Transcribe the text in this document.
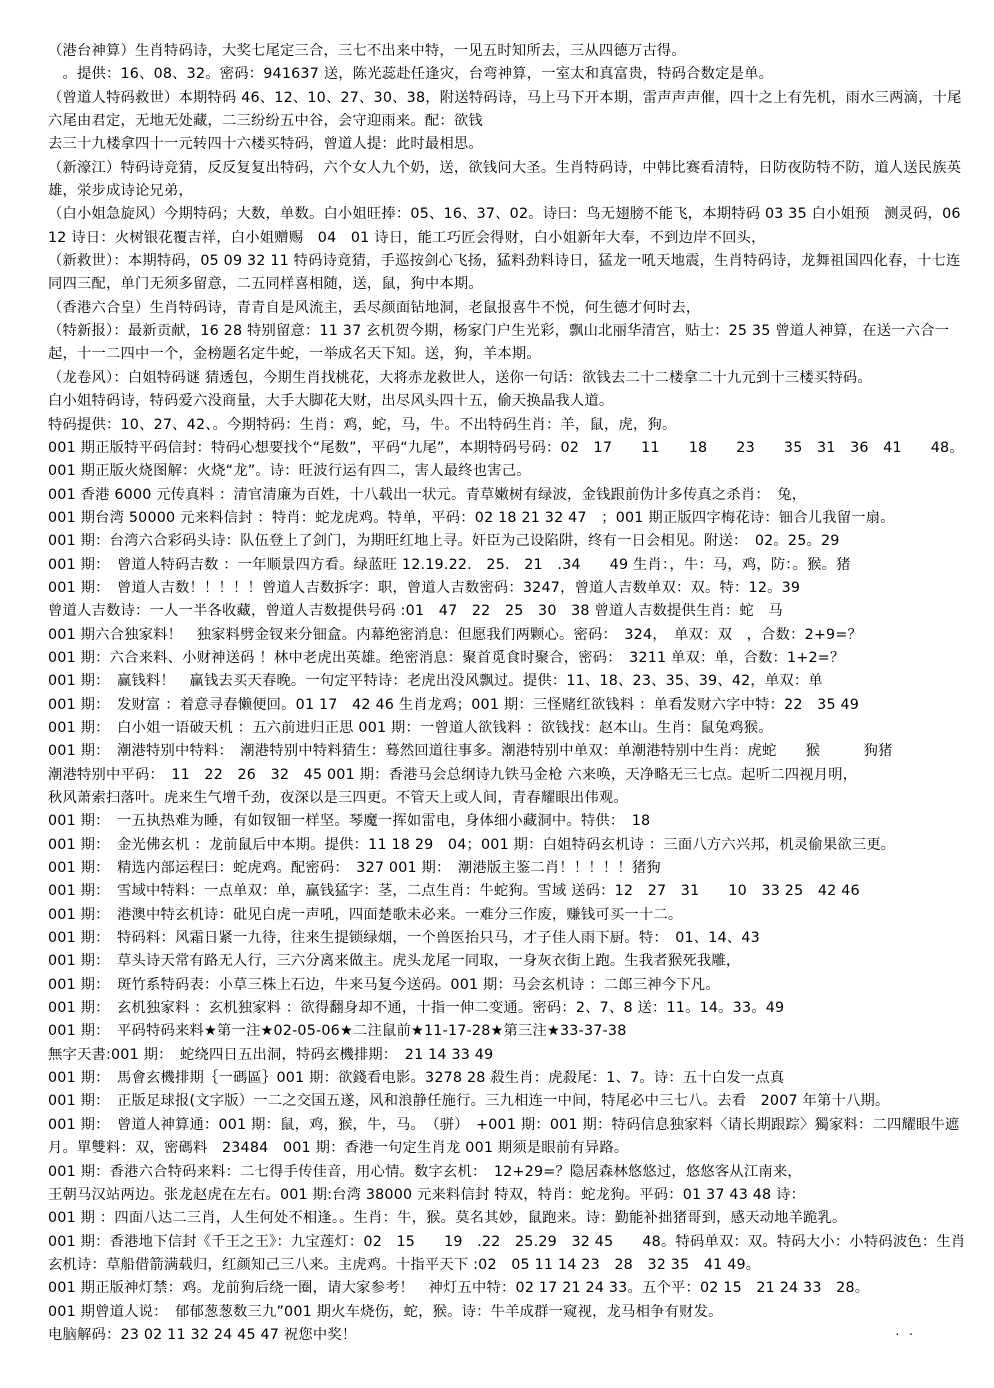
（港台神算）生肖特码诗，大奖七尾定三合，三七不出来中特，一见五时知所去，三从四德万古得。
　。提供：16、08、32。密码：941637 送，陈光蕊赴任逢灾，台弯神算，一室太和真富贵，特码合数定是单。
（曾道人特码救世）本期特码 46、12、10、27、30、38，附送特码诗，马上马下开本期，雷声声声催，四十之上有先机，雨水三两滴，十尾六尾由君定，无地无处藏，二三纷纷五中谷，会守迎雨来。配：欲钱
去三十九楼拿四十一元转四十六楼买特码，曾道人提：此时最相思。
（新濠江）特码诗竞猜，反反复复出特码，六个女人九个奶，送，欲钱问大圣。生肖特码诗，中韩比赛看清特，日防夜防特不防，道人送民族英雄，泶步成诗论兄弟，
（白小姐急旋风）今期特码；大数，单数。白小姐旺捧：05、16、37、02。诗曰：鸟无翅膀不能飞，本期特码 03 35 白小姐预　测灵码，06 12 诗日：火树银花覆吉祥，白小姐赠赐　04　01 诗日，能工巧匠会得财，白小姐新年大奉，不到边岸不回头，
（新救世）：本期特码，05 09 32 11 特码诗竟猜，手巡按剑心飞扬，猛料劲料诗日，猛龙一吼天地震，生肖特码诗，龙舞祖国四化春，十七连同四三配，单门无须多留意，二五同样喜相随，送，鼠，狗中本期。
（香港六合皇）生肖特码诗，青青自是风流主，丢尽颜面钻地洞，老鼠报喜牛不悦，何生德才何时去，
（特新报）：最新贡献，16 28 特别留意：11 37 玄机贺今期，杨家门户生光彩，飘山北丽华清宫，贴士：25 35 曾道人神算，在送一六合一起，十一二四中一个，金榜题名定牛蛇，一举成名天下知。送，狗，羊本期。
（龙卷风）：白姐特码谜 猜透包，今期生肖找桃花，大将赤龙救世人，送你一句话：欲钱去二十二楼拿二十九元到十三楼买特码。
白小姐特码诗，特码爱六没商量，大手大脚花大财，出尽风头四十五，偷天换晶我人道。
特码提供：10、27、42、。今期特码：生肖：鸡，蛇，马，牛。不出特码生肖：羊，鼠，虎，狗。
001 期正版特平码信封：特码心想要找个“尾数”，平码“九尾”，本期特码号码：02　17　　11　　18　　23　　35　31　36　41　　48。
001 期正版火烧图解：火烧“龙”。诗：旺波行运有四二，害人最终也害己。
001 香港 6000 元传真料 ：清官清廉为百姓，十八载出一状元。青草嫩树有绿波，金钱跟前伪计多传真之杀肖：　兔，
001 期台湾 50000 元来料信封 ：特肖：蛇龙虎鸡。特单，平码：02 18 21 32 47　；001 期正版四字梅花诗：钿合儿我留一扇。
001 期：台湾六合彩码头诗：队伍登上了剑门，为期旺红地上寻。奸臣为己设陷阱，终有一日会相见。附送：　02。25。29
001 期：　曾道人特码吉数 ：一年顺景四方看。绿蓝旺 12.19.22.　25.　21　.34　　49 生肖：，牛：马，鸡，防：。猴。猪
001 期：　曾道人吉数！！！！！曾道人吉数拆字：职，曾道人吉数密码：3247，曾道人吉数单双：双。特：12。39
曾道人吉数诗：一人一半各收藏，曾道人吉数提供号码 :01　47　22　25　30　38 曾道人吉数提供生肖：蛇　马
001 期六合独家料！　独家料劈金钗来分钿盒。内幕绝密消息：但愿我们两颗心。密码：　324，　单双：双　，合数：2+9=？
001 期：六合来料、小财神送码 ！林中老虎出英雄。绝密消息：聚首觅食时聚合，密码：　3211 单双：单，合数：1+2=？
001 期：　赢钱料！　赢钱去买天春晚。一句定平特诗：老虎出没风飘过。提供：11、18、23、35、39、42，单双：单
001 期：　发财富 ：着意寻春懒便回。01 17　42 46 生肖龙鸡；001 期：三怪赌红欲钱料 ：单看发财六字中特：22　35 49
001 期：　白小姐一语破天机 ：五六前进归正思 001 期：一曾道人欲钱料 ：欲钱找：赵本山。生肖：鼠兔鸡猴。
001 期：　潮港特别中特料：　潮港特别中特料猜生：蓦然回道往事多。潮港特别中单双：单潮港特别中生肖：虎蛇　　猴　　　狗猪
潮港特别中平码：　11　22　26　32　45 001 期：香港马会总纲诗九铁马金枪 六来唤，天净略无三七点。起听二四视月明，
秋风萧索扫落叶。虎来生气增千劲，夜深以是三四更。不管天上或人间，青春耀眼出伟观。
001 期：　一五执热难为睡，有如钗钿一样坚。琴魔一挥如雷电，身体细小藏洞中。特供：　18
001 期：　金光佛玄机 ：龙前鼠后中本期。提供：11 18 29　04；001 期：白姐特码玄机诗 ：三面八方六兴邦，机灵偷果欲三更。
001 期：　精选内部运程曰：蛇虎鸡。配密码：　327 001 期：　潮港版主鉴二肖！！！！！猪狗
001 期：　雪域中特料：一点单双：单，赢钱猛字：茎，二点生肖：牛蛇狗。雪域 送码：12　27　31　　10　33 25　42 46
001 期：　港澳中特玄机诗：砒见白虎一声吼，四面楚歌未必来。一难分三作废，赚钱可买一十二。
001 期：　特码料：风霜日紧一九待，往来生提锁绿烟，一个兽医抬只马，才子佳人雨下厨。特：　01、14、43
001 期：　草头诗天常有路无人行，三六分离来做主。虎头龙尾一同取，一身灰衣街上跑。生我者猴死我雕，
001 期：　斑竹系特码表：小草三株上石边，牛来马复今送码。001 期：马会玄机诗 ：二郎三神今下凡。
001 期：　玄机独家料 ：玄机独家料 ：欲得翻身却不通，十指一伸二变通。密码：2、7、8 送：11。14。33。49
001 期：　平码特码来料★第一注★02-05-06★二注鼠前★11-17-28★第三注★33-37-38
無字天書:001 期：　蛇绕四日五出洞，特码玄機排期：　21 14 33 49
001 期：　馬會玄機排期｛一碼區｝001 期：欲錢看电影。3278 28 殺生肖：虎殺尾：1、7。诗：五十白发一点真
001 期：　正版足球报(文字版）一二之交国五遂，风和浪静任施行。三九相连一中间，特尾必中三七八。去看　2007 年第十八期。
001 期：　曾道人神算通：001 期：鼠，鸡，猴，牛，马。　（骈）　+001 期：001 期：特码信息独家料〈请长期跟踪〉獨家料：二四耀眼牛遮月。單雙料：双，密碼料　23484　001 期：香港一句定生肖龙 001 期须是眼前有异路。
001 期：香港六合特码来料：二七得手传佳音，用心情。数字玄机：　12+29=？隐居森林悠悠过，悠悠客从江南来，
王朝马汉站两边。张龙赵虎在左右。001 期:台湾 38000 元来料信封 特双，特肖：蛇龙狗。平码：01 37 43 48 诗：
001 期 ：四面八达二三肖，人生何处不相逢。。生肖：牛，猴。莫名其妙，鼠跑来。诗：勤能补拙猪哥到，感天动地羊跪乳。
001 期：香港地下信封《千王之王》：九宝莲灯：02　15　　19　.22　25.29　32 45　　48。特码单双：双。特码大小：小特码波色：生肖玄机诗：草船借箭满载归，红颜知己三八来。主虎鸡。十指平天下 :02　05 11 14 23　28　32 35　41 49。
001 期正版神灯禁：鸡。龙前狗后绕一圈，请大家参考！　神灯五中特：02 17 21 24 33。五个平：02 15　21 24 33　28。
001 期曾道人说：　郁郁葱葱数三九”001 期火车烧伤，蛇，猴。诗：牛羊成群一窥视，龙马相争有财发。
电脑解码：23 02 11 32 24 45 47 祝您中奖！	. .
